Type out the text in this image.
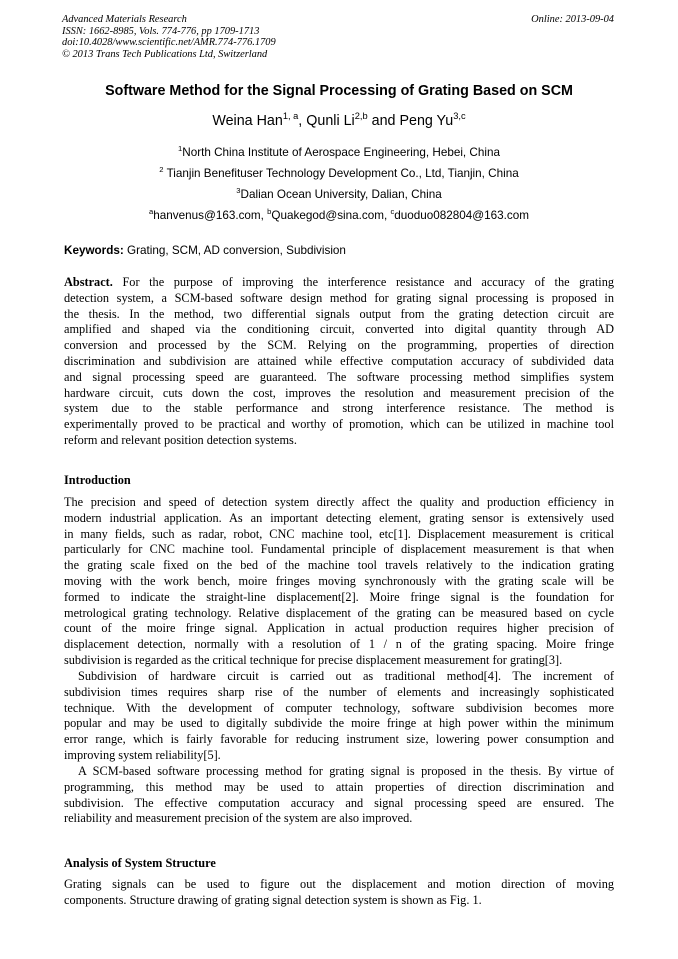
Advanced Materials Research
ISSN: 1662-8985, Vols. 774-776, pp 1709-1713
doi:10.4028/www.scientific.net/AMR.774-776.1709
© 2013 Trans Tech Publications Ltd, Switzerland
Online: 2013-09-04
Software Method for the Signal Processing of Grating Based on SCM
Weina Han$^{1, a}$, Qunli Li$^{2,b}$ and Peng Yu$^{3,c}$
$^1$North China Institute of Aerospace Engineering, Hebei, China
$^2$ Tianjin Benefituser Technology Development Co., Ltd, Tianjin, China
$^3$Dalian Ocean University, Dalian, China
$^a$hanvenus@163.com, $^b$Quakegod@sina.com, $^c$duoduo082804@163.com
Keywords: Grating, SCM, AD conversion, Subdivision
Abstract. For the purpose of improving the interference resistance and accuracy of the grating
detection system, a SCM-based software design method for grating signal processing is proposed in
the thesis. In the method, two differential signals output from the grating detection circuit are
amplified and shaped via the conditioning circuit, converted into digital quantity through AD
conversion and processed by the SCM. Relying on the programming, properties of direction
discrimination and subdivision are attained while effective computation accuracy of subdivided data
and signal processing speed are guaranteed. The software processing method simplifies system
hardware circuit, cuts down the cost, improves the resolution and measurement precision of the
system due to the stable performance and strong interference resistance. The method is
experimentally proved to be practical and worthy of promotion, which can be utilized in machine tool
reform and relevant position detection systems.
Introduction
The precision and speed of detection system directly affect the quality and production efficiency in
modern industrial application. As an important detecting element, grating sensor is extensively used
in many fields, such as radar, robot, CNC machine tool, etc[1]. Displacement measurement is critical
particularly for CNC machine tool. Fundamental principle of displacement measurement is that when
the grating scale fixed on the bed of the machine tool travels relatively to the indication grating
moving with the work bench, moire fringes moving synchronously with the grating scale will be
formed to indicate the straight-line displacement[2]. Moire fringe signal is the foundation for
metrological grating technology. Relative displacement of the grating can be measured based on cycle
count of the moire fringe signal. Application in actual production requires higher precision of
displacement detection, normally with a resolution of 1 / n of the grating spacing. Moire fringe
subdivision is regarded as the critical technique for precise displacement measurement for grating[3].
Subdivision of hardware circuit is carried out as traditional method[4]. The increment of
subdivision times requires sharp rise of the number of elements and increasingly sophisticated
technique. With the development of computer technology, software subdivision becomes more
popular and may be used to digitally subdivide the moire fringe at high power within the minimum
error range, which is fairly favorable for reducing instrument size, lowering power consumption and
improving system reliability[5].
A SCM-based software processing method for grating signal is proposed in the thesis. By virtue of
programming, this method may be used to attain properties of direction discrimination and
subdivision. The effective computation accuracy and signal processing speed are ensured. The
reliability and measurement precision of the system are also improved.
Analysis of System Structure
Grating signals can be used to figure out the displacement and motion direction of moving
components. Structure drawing of grating signal detection system is shown as Fig. 1.
